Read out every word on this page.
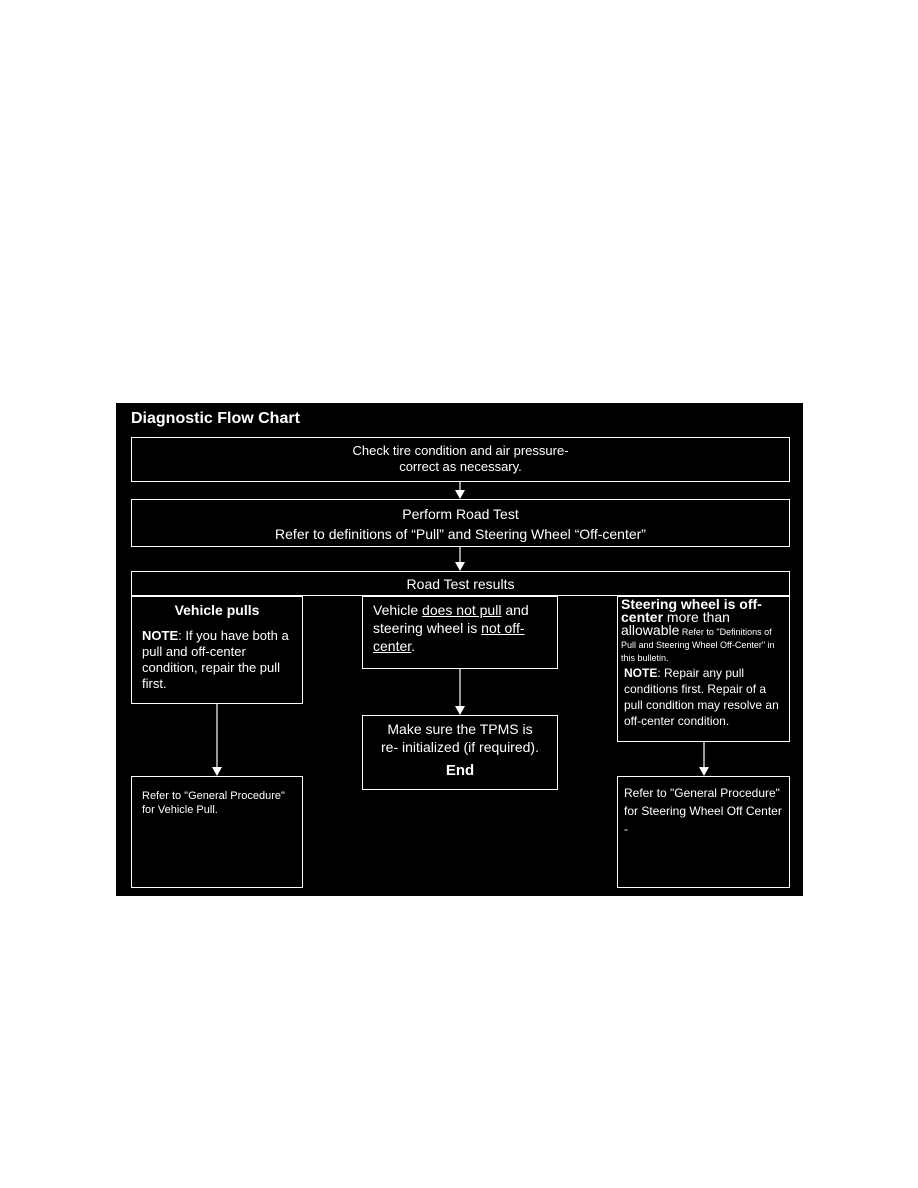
Diagnostic Flow Chart
Check tire condition and air pressure-
correct as necessary.
Perform Road Test
Refer to definitions of “Pull” and Steering Wheel “Off-center”
Road Test results
Vehicle pulls
NOTE: If you have both a pull and off-center condition, repair the pull first.
Vehicle does not pull and steering wheel is not off-center.
Steering wheel is off-center more than allowable Refer to "Definitions of Pull and Steering Wheel Off-Center" in this bulletin.
NOTE: Repair any pull conditions first. Repair of a pull condition may resolve an off-center condition.
Make sure the TPMS is
re- initialized (if required).
End
Refer to "General Procedure"
for Vehicle Pull.
Refer to "General Procedure"
for Steering Wheel Off Center -
